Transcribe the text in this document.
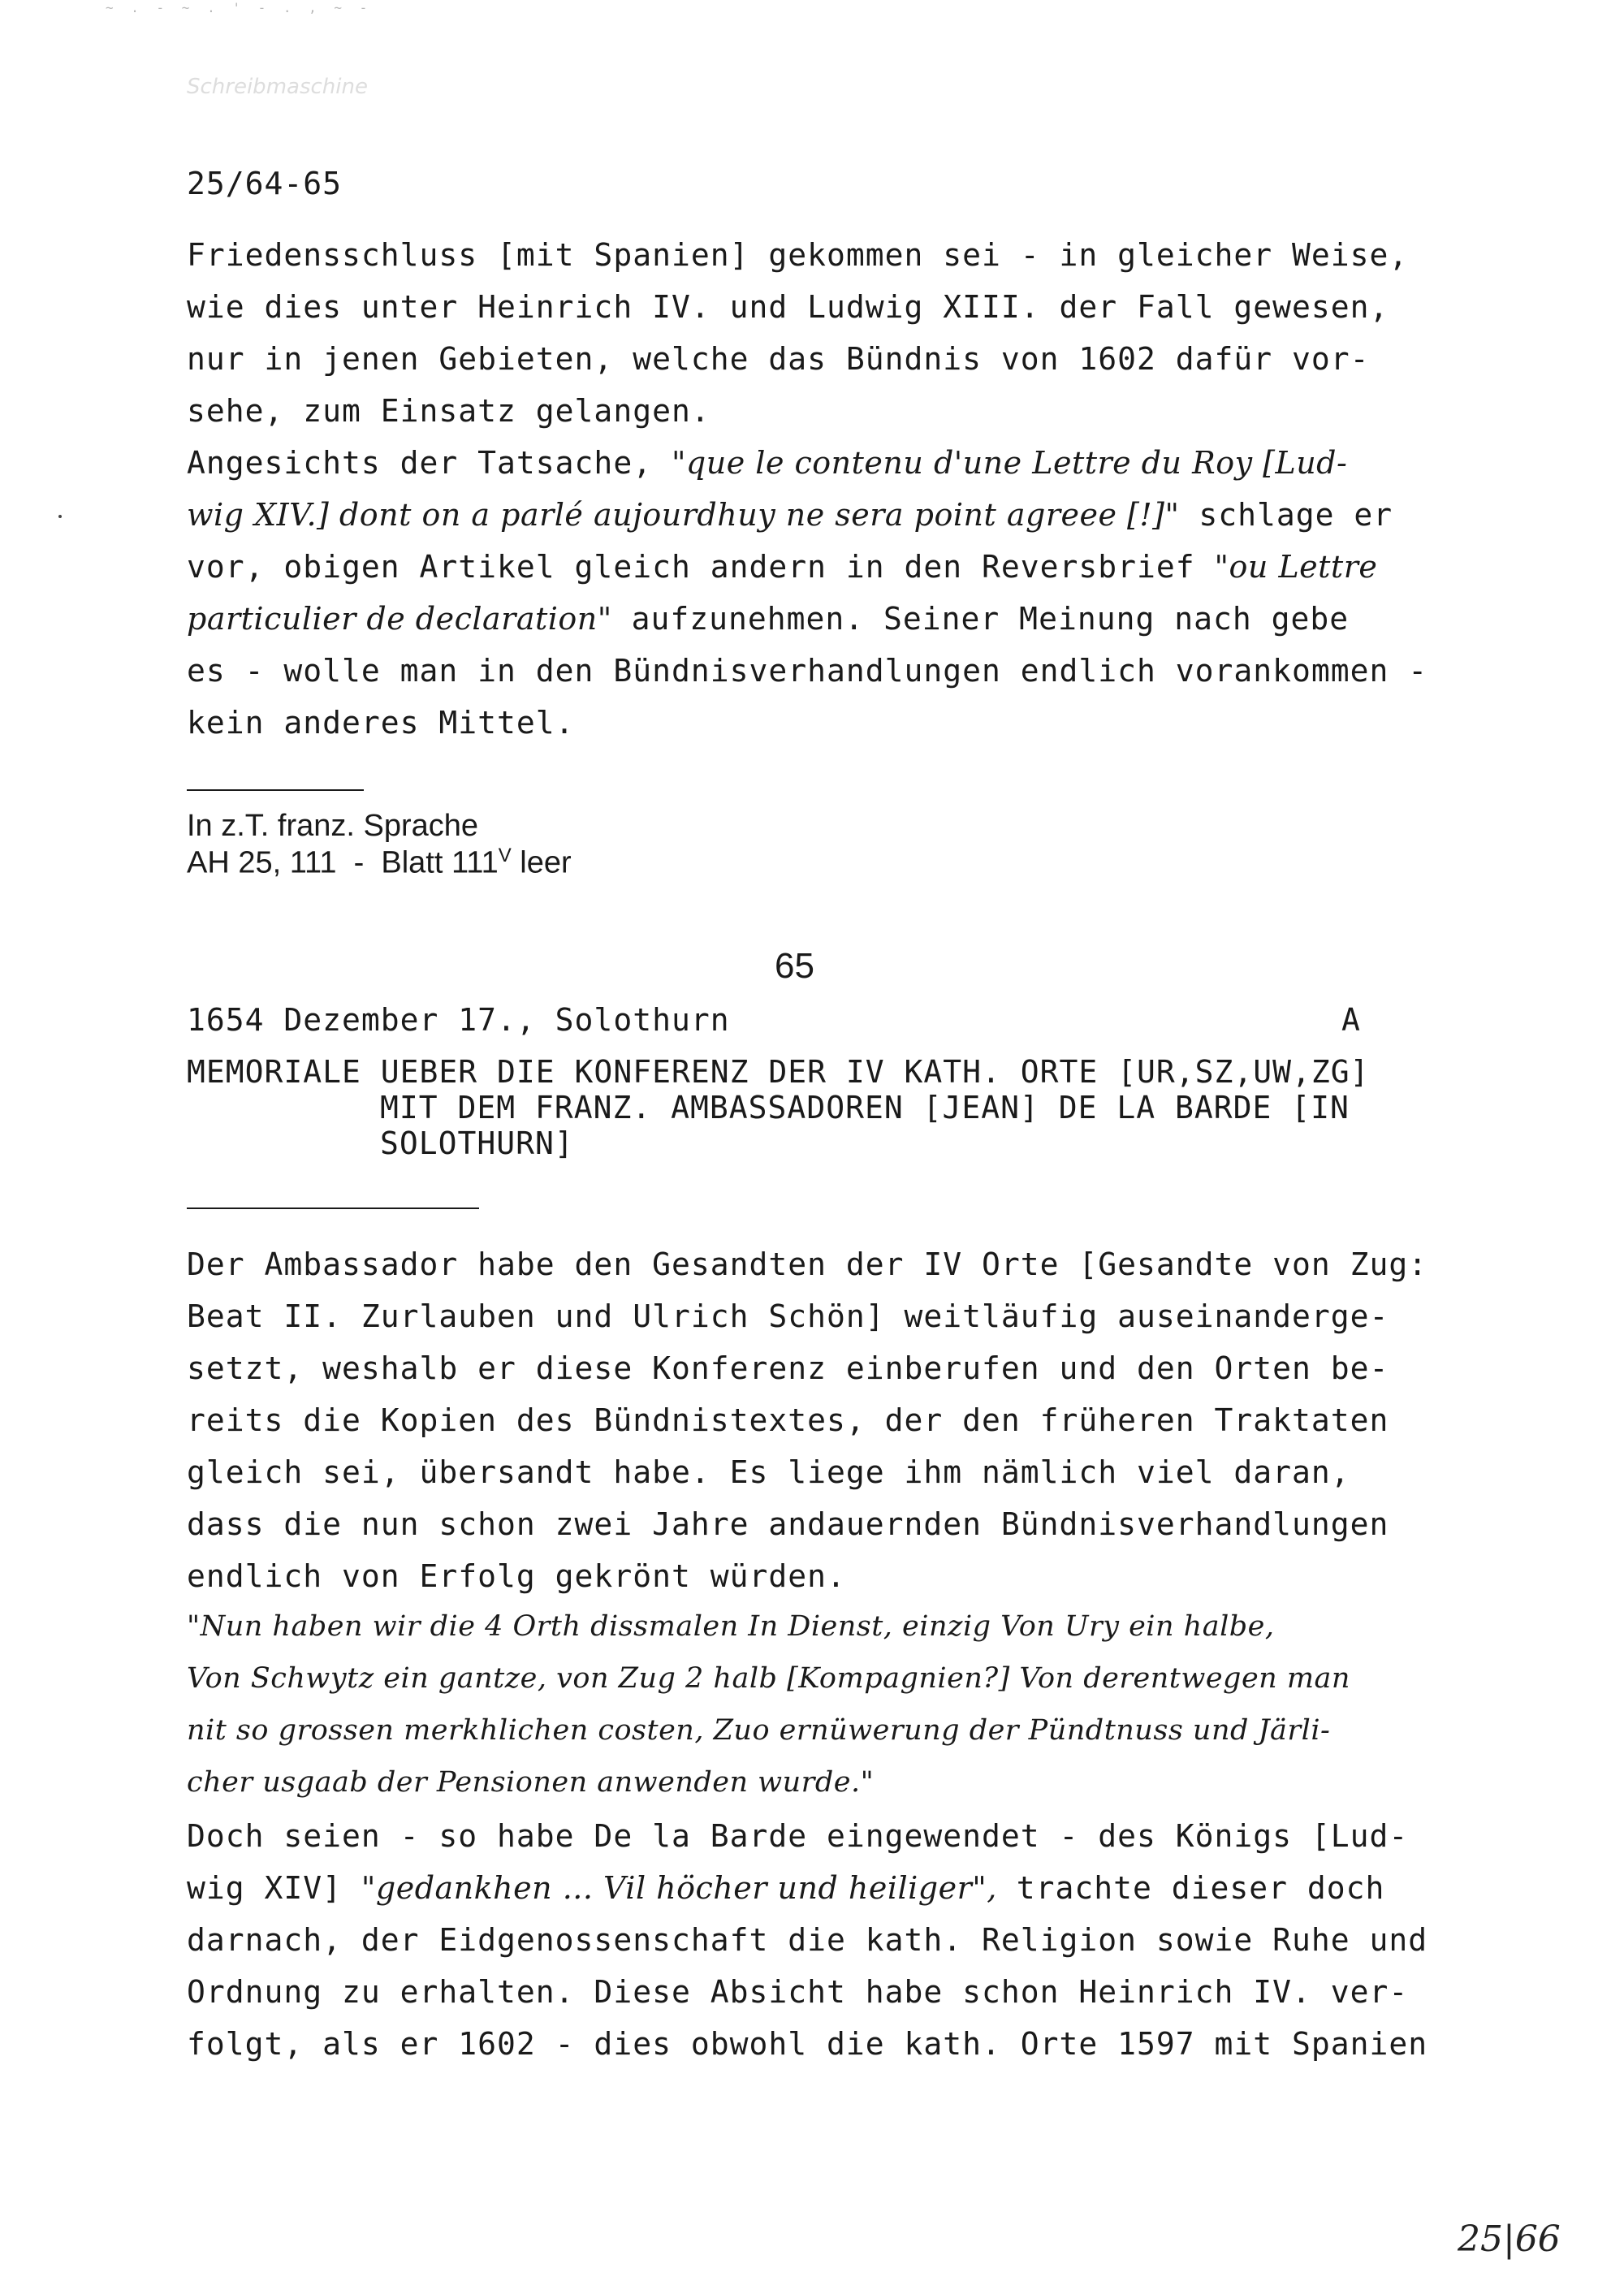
~ . - ~ . ' - . , ~ -
Schreibmaschine
25/64-65
Friedensschluss [mit Spanien] gekommen sei - in gleicher Weise,
wie dies unter Heinrich IV. und Ludwig XIII. der Fall gewesen,
nur in jenen Gebieten, welche das Bündnis von 1602 dafür vor-
sehe, zum Einsatz gelangen.
Angesichts der Tatsache, "que le contenu d'une Lettre du Roy [Lud-
wig XIV.] dont on a parlé aujourdhuy ne sera point agreee [!]" schlage er
vor, obigen Artikel gleich andern in den Reversbrief "ou Lettre
particulier de declaration" aufzunehmen. Seiner Meinung nach gebe
es - wolle man in den Bündnisverhandlungen endlich vorankommen -
kein anderes Mittel.
In z.T. franz. Sprache
AH 25, 111  -  Blatt $111^V$ leer
65
1654 Dezember 17., Solothurn	A
MEMORIALE UEBER DIE KONFERENZ DER IV KATH. ORTE [UR,SZ,UW,ZG]
MIT DEM FRANZ. AMBASSADOREN [JEAN] DE LA BARDE [IN
SOLOTHURN]
Der Ambassador habe den Gesandten der IV Orte [Gesandte von Zug:
Beat II. Zurlauben und Ulrich Schön] weitläufig auseinanderge-
setzt, weshalb er diese Konferenz einberufen und den Orten be-
reits die Kopien des Bündnistextes, der den früheren Traktaten
gleich sei, übersandt habe. Es liege ihm nämlich viel daran,
dass die nun schon zwei Jahre andauernden Bündnisverhandlungen
endlich von Erfolg gekrönt würden.
"Nun haben wir die 4 Orth dissmalen In Dienst, einzig Von Ury ein halbe,
Von Schwytz ein gantze, von Zug 2 halb [Kompagnien?] Von derentwegen man
nit so grossen merkhlichen costen, Zuo ernüwerung der Pündtnuss und Järli-
cher usgaab der Pensionen anwenden wurde."
Doch seien - so habe De la Barde eingewendet - des Königs [Lud-
wig XIV] "gedankhen ... Vil höcher und heiliger", trachte dieser doch
darnach, der Eidgenossenschaft die kath. Religion sowie Ruhe und
Ordnung zu erhalten. Diese Absicht habe schon Heinrich IV. ver-
folgt, als er 1602 - dies obwohl die kath. Orte 1597 mit Spanien
25|66
